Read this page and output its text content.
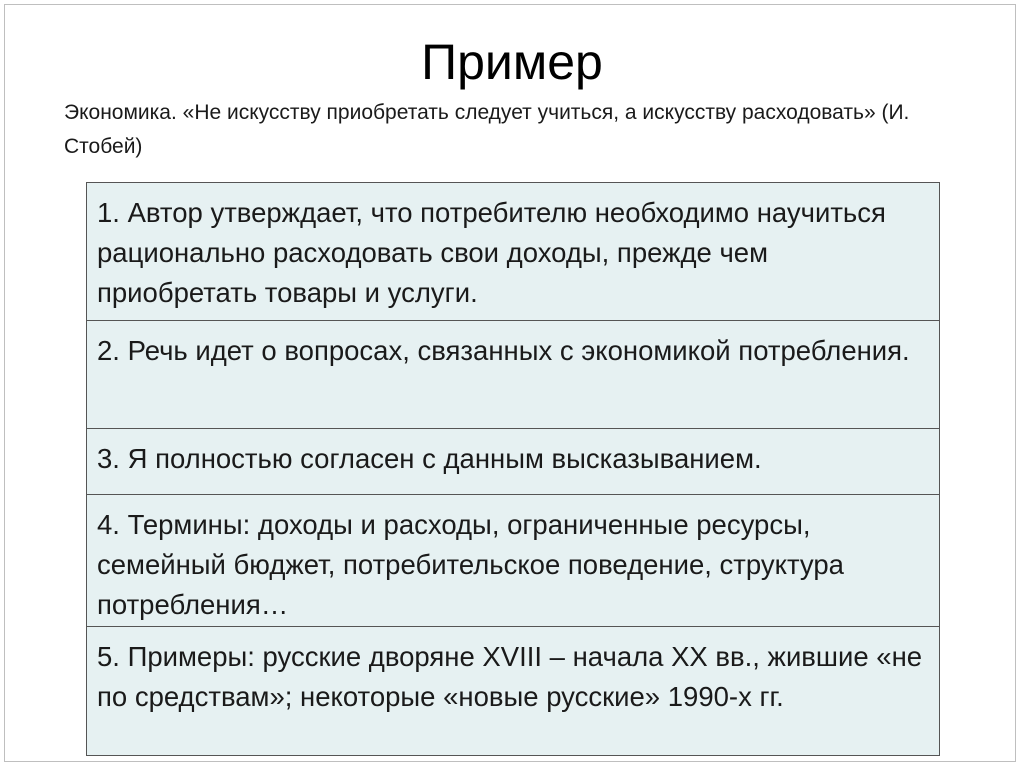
Пример
Экономика. «Не искусству приобретать следует учиться, а искусству расходовать» (И. Стобей)
1. Автор утверждает, что потребителю необходимо научиться рационально расходовать свои доходы, прежде чем приобретать товары и услуги.
2. Речь идет о вопросах, связанных с экономикой потребления.
3. Я полностью согласен с данным высказыванием.
4. Термины: доходы и расходы, ограниченные ресурсы, семейный бюджет, потребительское поведение, структура потребления…
5. Примеры: русские дворяне XVIII – начала XX вв., жившие «не по средствам»; некоторые «новые русские» 1990-х гг.
